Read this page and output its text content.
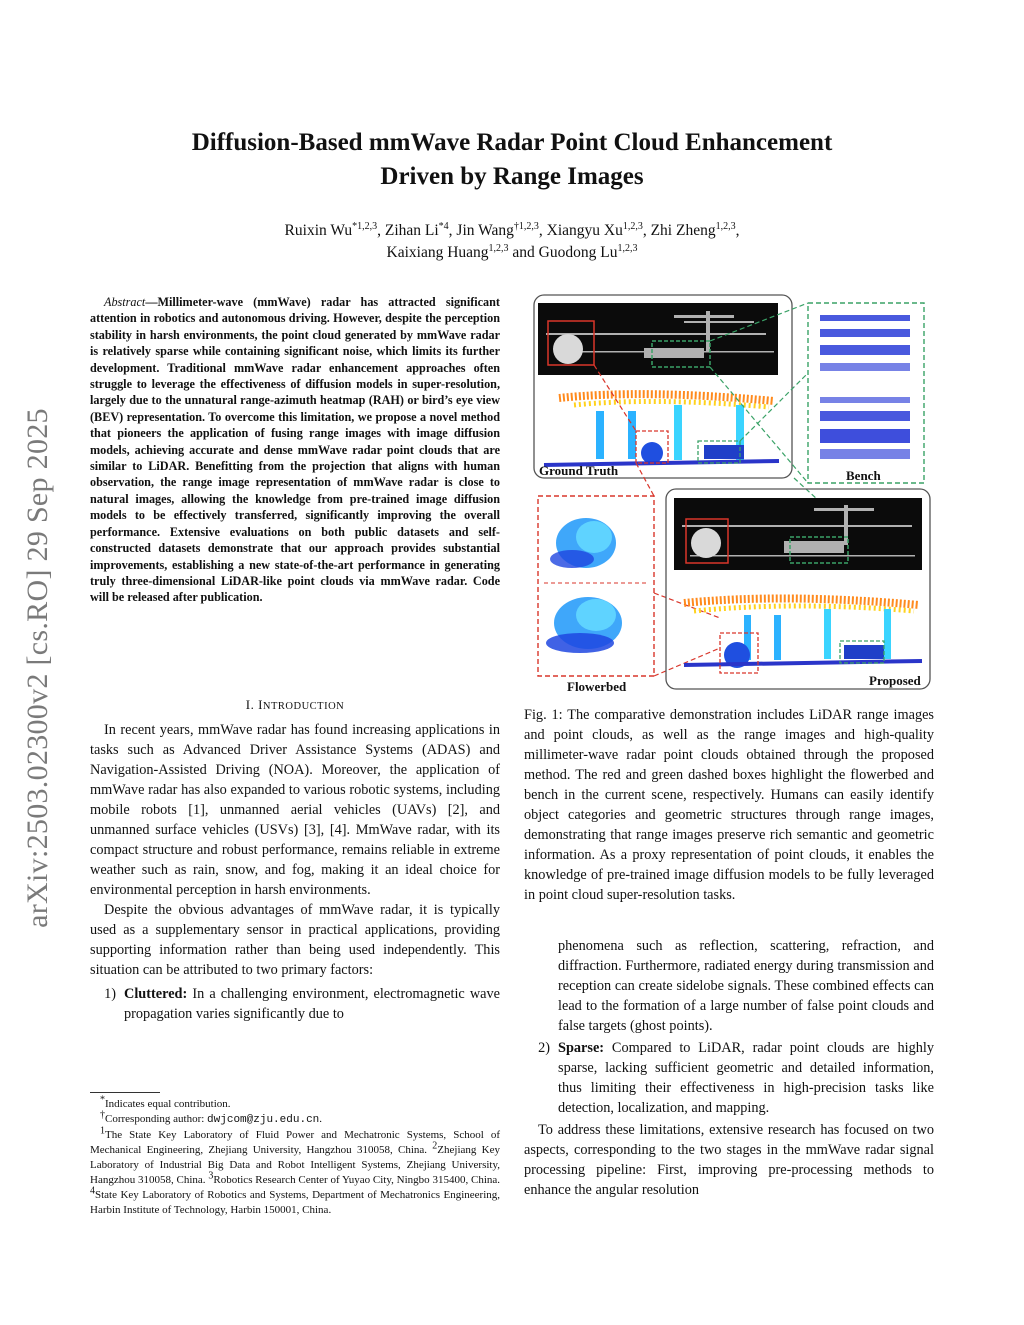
arXiv:2503.02300v2 [cs.RO] 29 Sep 2025
Diffusion-Based mmWave Radar Point Cloud Enhancement
Driven by Range Images
Ruixin Wu$^{*1,2,3}$, Zihan Li$^{*4}$, Jin Wang$^{\dagger 1,2,3}$, Xiangyu Xu$^{1,2,3}$, Zhi Zheng$^{1,2,3}$,
Kaixiang Huang$^{1,2,3}$ and Guodong Lu$^{1,2,3}$
Abstract—Millimeter-wave (mmWave) radar has attracted significant attention in robotics and autonomous driving. However, despite the perception stability in harsh environments, the point cloud generated by mmWave radar is relatively sparse while containing significant noise, which limits its further development. Traditional mmWave radar enhancement approaches often struggle to leverage the effectiveness of diffusion models in super-resolution, largely due to the unnatural range-azimuth heatmap (RAH) or bird’s eye view (BEV) representation. To overcome this limitation, we propose a novel method that pioneers the application of fusing range images with image diffusion models, achieving accurate and dense mmWave radar point clouds that are similar to LiDAR. Benefitting from the projection that aligns with human observation, the range image representation of mmWave radar is close to natural images, allowing the knowledge from pre-trained image diffusion models to be effectively transferred, significantly improving the overall performance. Extensive evaluations on both public datasets and self-constructed datasets demonstrate that our approach provides substantial improvements, establishing a new state-of-the-art performance in generating truly three-dimensional LiDAR-like point clouds via mmWave radar. Code will be released after publication.
I. INTRODUCTION

In recent years, mmWave radar has found increasing applications in tasks such as Advanced Driver Assistance Systems (ADAS) and Navigation-Assisted Driving (NOA). Moreover, the application of mmWave radar has also expanded to various robotic systems, including mobile robots [1], unmanned aerial vehicles (UAVs) [2], and unmanned surface vehicles (USVs) [3], [4]. MmWave radar, with its compact structure and robust performance, remains reliable in extreme weather such as rain, snow, and fog, making it an ideal choice for environmental perception in harsh environments.

Despite the obvious advantages of mmWave radar, it is typically used as a supplementary sensor in practical applications, providing supporting information rather than being used independently. This situation can be attributed to two primary factors:

1) Cluttered: In a challenging environment, electromagnetic wave propagation varies significantly due to
*Indicates equal contribution.
†Corresponding author: dwjcom@zju.edu.cn.
$^1$The State Key Laboratory of Fluid Power and Mechatronic Systems, School of Mechanical Engineering, Zhejiang University, Hangzhou 310058, China. $^2$Zhejiang Key Laboratory of Industrial Big Data and Robot Intelligent Systems, Zhejiang University, Hangzhou 310058, China. $^3$Robotics Research Center of Yuyao City, Ningbo 315400, China. $^4$State Key Laboratory of Robotics and Systems, Department of Mechatronics Engineering, Harbin Institute of Technology, Harbin 150001, China.
Ground Truth	Bench
Flowerbed	Proposed
Fig. 1: The comparative demonstration includes LiDAR range images and point clouds, as well as the range images and high-quality millimeter-wave radar point clouds obtained through the proposed method. The red and green dashed boxes highlight the flowerbed and bench in the current scene, respectively. Humans can easily identify object categories and geometric structures through range images, demonstrating that range images preserve rich semantic and geometric information. As a proxy representation of point clouds, it enables the knowledge of pre-trained image diffusion models to be fully leveraged in point cloud super-resolution tasks.
phenomena such as reflection, scattering, refraction, and diffraction. Furthermore, radiated energy during transmission and reception can create sidelobe signals. These combined effects can lead to the formation of a large number of false point clouds and false targets (ghost points).
2) Sparse: Compared to LiDAR, radar point clouds are highly sparse, lacking sufficient geometric and detailed information, thus limiting their effectiveness in high-precision tasks like detection, localization, and mapping.

To address these limitations, extensive research has focused on two aspects, corresponding to the two stages in the mmWave radar signal processing pipeline: First, improving pre-processing methods to enhance the angular resolution
